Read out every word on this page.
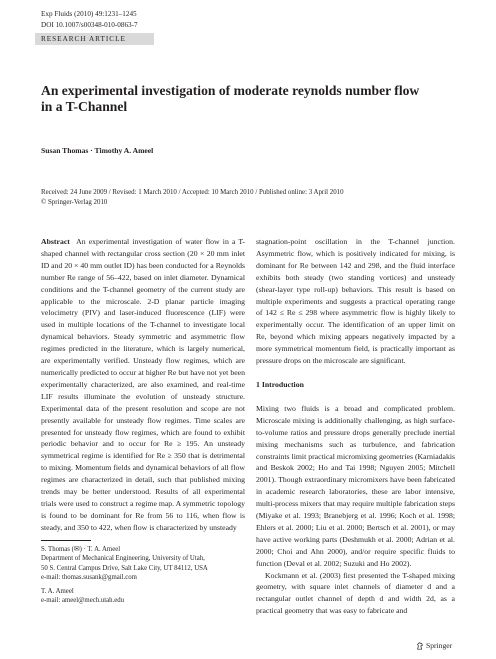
Exp Fluids (2010) 49:1231–1245
DOI 10.1007/s00348-010-0863-7
RESEARCH ARTICLE
An experimental investigation of moderate reynolds number flow
in a T-Channel
Susan Thomas · Timothy A. Ameel
Received: 24 June 2009 / Revised: 1 March 2010 / Accepted: 10 March 2010 / Published online: 3 April 2010
© Springer-Verlag 2010

Abstract An experimental investigation of water flow in a T-shaped channel with rectangular cross section (20 × 20 mm inlet ID and 20 × 40 mm outlet ID) has been conducted for a Reynolds number Re range of 56–422, based on inlet diameter. Dynamical conditions and the T-channel geometry of the current study are applicable to the microscale. 2-D planar particle imaging velocimetry (PIV) and laser-induced fluorescence (LIF) were used in multiple locations of the T-channel to investigate local dynamical behaviors. Steady symmetric and asymmetric flow regimes predicted in the literature, which is largely numerical, are experimentally verified. Unsteady flow regimes, which are numerically predicted to occur at higher Re but have not yet been experimentally characterized, are also examined, and real-time LIF results illuminate the evolution of unsteady structure. Experimental data of the present resolution and scope are not presently available for unsteady flow regimes. Time scales are presented for unsteady flow regimes, which are found to exhibit periodic behavior and to occur for Re ≥ 195. An unsteady symmetrical regime is identified for Re ≥ 350 that is detrimental to mixing. Momentum fields and dynamical behaviors of all flow regimes are characterized in detail, such that published mixing trends may be better understood. Results of all experimental trials were used to construct a regime map. A symmetric topology is found to be dominant for Re from 56 to 116, when flow is steady, and 350 to 422, when flow is characterized by unsteady

S. Thomas (✉) · T. A. Ameel

Department of Mechanical Engineering, University of Utah,

50 S. Central Campus Drive, Salt Lake City, UT 84112, USA

e-mail: thomas.susank@gmail.com

T. A. Ameel

e-mail: ameel@mech.utah.edu

stagnation-point oscillation in the T-channel junction. Asymmetric flow, which is positively indicated for mixing, is dominant for Re between 142 and 298, and the fluid interface exhibits both steady (two standing vortices) and unsteady (shear-layer type roll-up) behaviors. This result is based on multiple experiments and suggests a practical operating range of 142 ≤ Re ≤ 298 where asymmetric flow is highly likely to experimentally occur. The identification of an upper limit on Re, beyond which mixing appears negatively impacted by a more symmetrical momentum field, is practically important as pressure drops on the microscale are significant.

1 Introduction

Mixing two fluids is a broad and complicated problem. Microscale mixing is additionally challenging, as high surface-to-volume ratios and pressure drops generally preclude inertial mixing mechanisms such as turbulence, and fabrication constraints limit practical micromixing geometries (Karniadakis and Beskok 2002; Ho and Tai 1998; Nguyen 2005; Mitchell 2001). Though extraordinary micromixers have been fabricated in academic research laboratories, these are labor intensive, multi-process mixers that may require multiple fabrication steps (Miyake et al. 1993; Branebjerg et al. 1996; Koch et al. 1998; Ehlers et al. 2000; Liu et al. 2000; Bertsch et al. 2001), or may have active working parts (Deshmukh et al. 2000; Adrian et al. 2000; Choi and Ahn 2000), and/or require specific fluids to function (Deval et al. 2002; Suzuki and Ho 2002).

Kockmann et al. (2003) first presented the T-shaped mixing geometry, with square inlet channels of diameter d and a rectangular outlet channel of depth d and width 2d, as a practical geometry that was easy to fabricate and

Springer
